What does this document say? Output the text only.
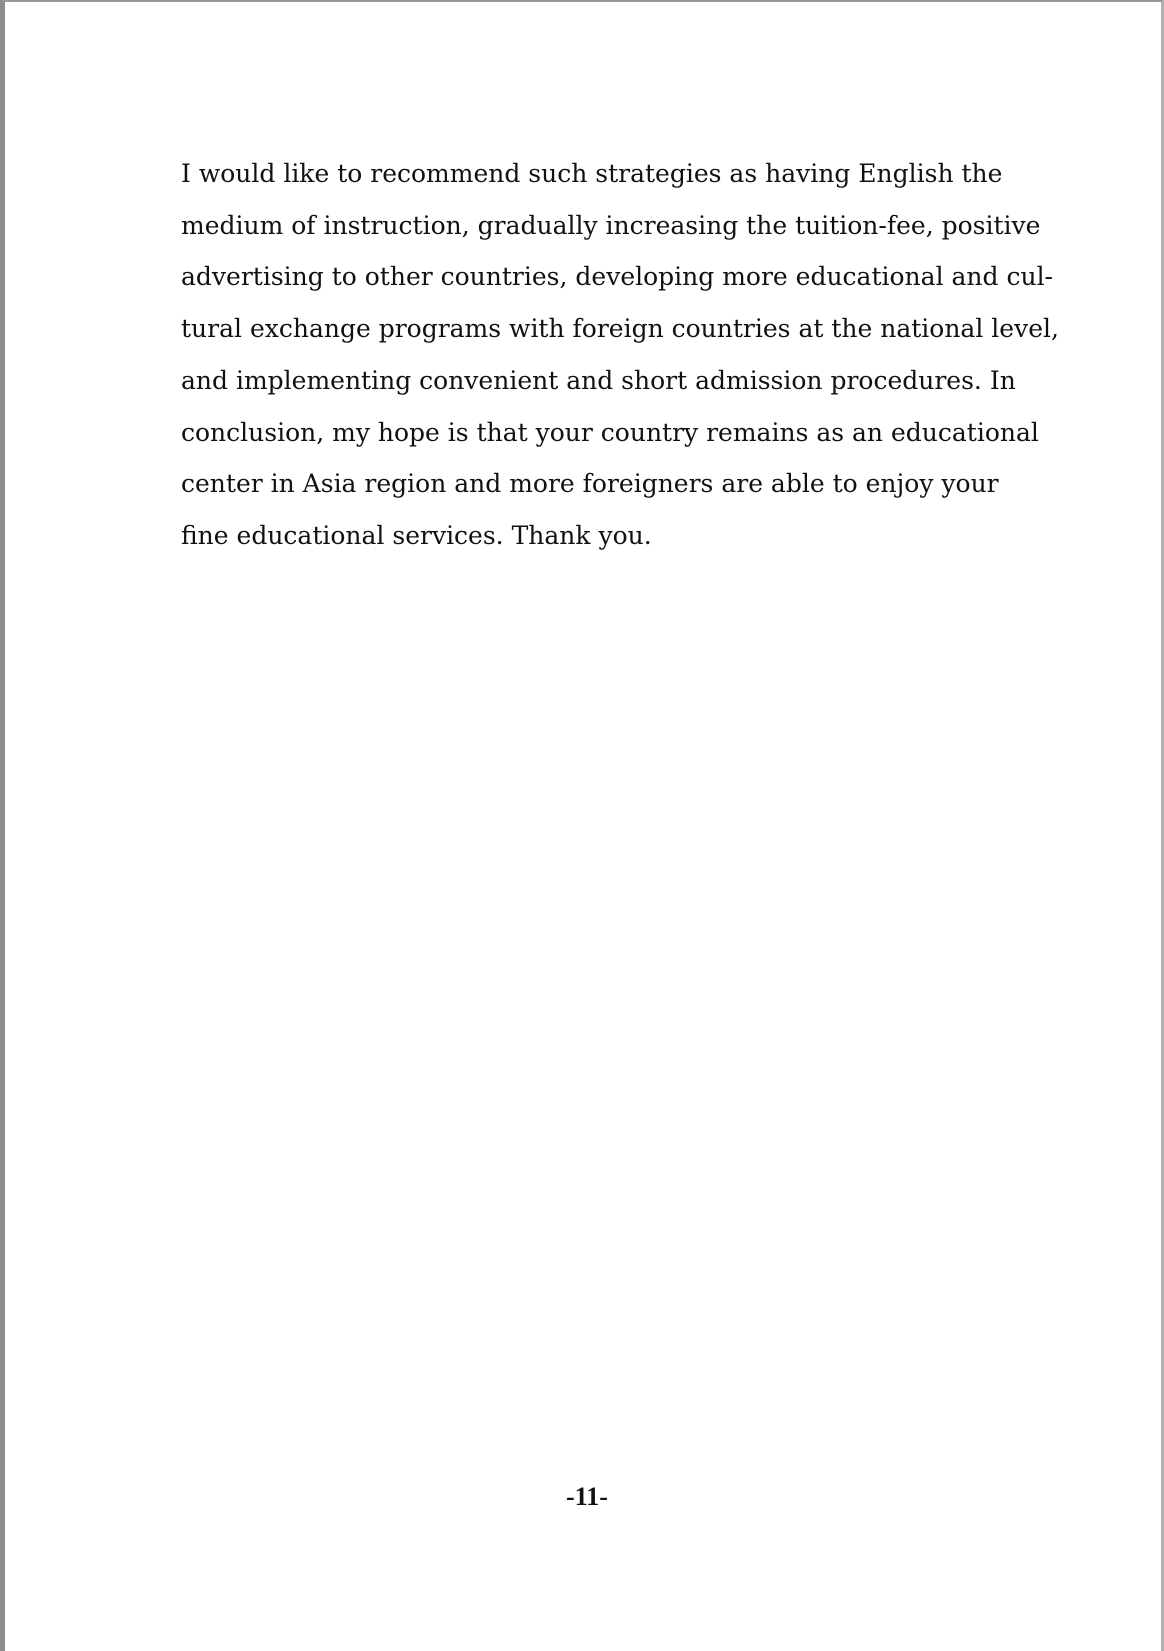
I would like to recommend such strategies as having English the
medium of instruction, gradually increasing the tuition-fee, positive
advertising to other countries, developing more educational and cul-
tural exchange programs with foreign countries at the national level,
and implementing convenient and short admission procedures. In
conclusion, my hope is that your country remains as an educational
center in Asia region and more foreigners are able to enjoy your
fine educational services. Thank you.

-11-
